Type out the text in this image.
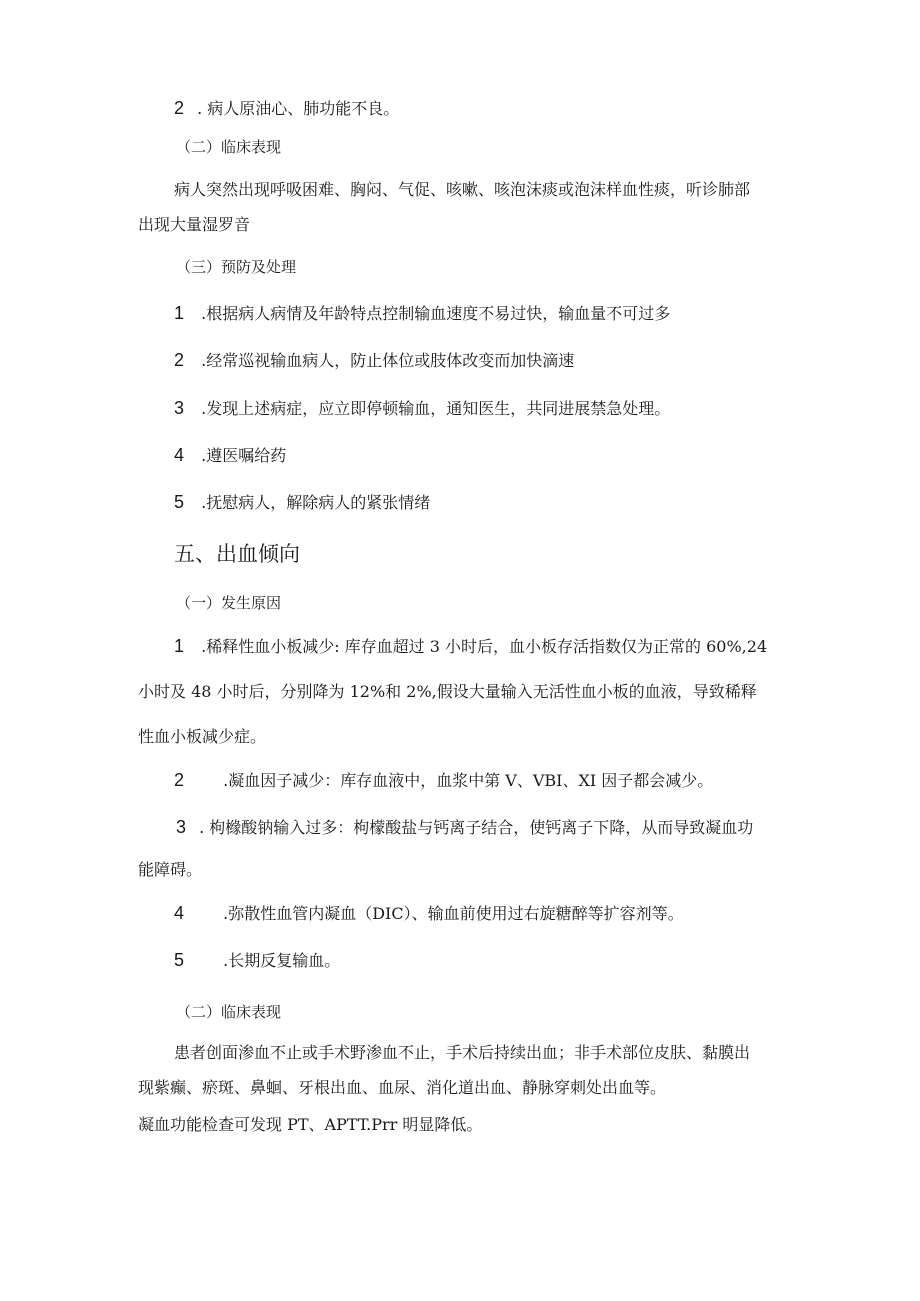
2 . 病人原油心、肺功能不良。
（二）临床表现
病人突然出现呼吸困难、胸闷、气促、咳嗽、咳泡沫痰或泡沫样血性痰，听诊肺部
出现大量湿罗音
（三）预防及处理
1 .根据病人病情及年龄特点控制输血速度不易过快，输血量不可过多
2 .经常巡视输血病人，防止体位或肢体改变而加快滴速
3 .发现上述病症，应立即停顿输血，通知医生，共同进展禁急处理。
4 .遵医嘱给药
5 .抚慰病人，解除病人的紧张情绪
五、出血倾向
（一）发生原因
1 .稀释性血小板减少: 库存血超过 3 小时后，血小板存活指数仅为正常的 60%,24
小时及 48 小时后，分别降为 12%和 2%,假设大量输入无活性血小板的血液，导致稀释
性血小板减少症。
2 .凝血因子减少：库存血液中，血浆中第 V、VBI、XI 因子都会减少。
3 . 枸橼酸钠输入过多：枸檬酸盐与钙离子结合，使钙离子下降，从而导致凝血功
能障碍。
4 .弥散性血管内凝血（DIC）、输血前使用过右旋糖醉等扩容剂等。
5 .长期反复输血。
（二）临床表现
患者创面渗血不止或手术野渗血不止，手术后持续出血；非手术部位皮肤、黏膜出
现紫癫、瘀斑、鼻蛔、牙根出血、血尿、消化道出血、静脉穿刺处出血等。
凝血功能检查可发现 PT、APTT.Prr 明显降低。
